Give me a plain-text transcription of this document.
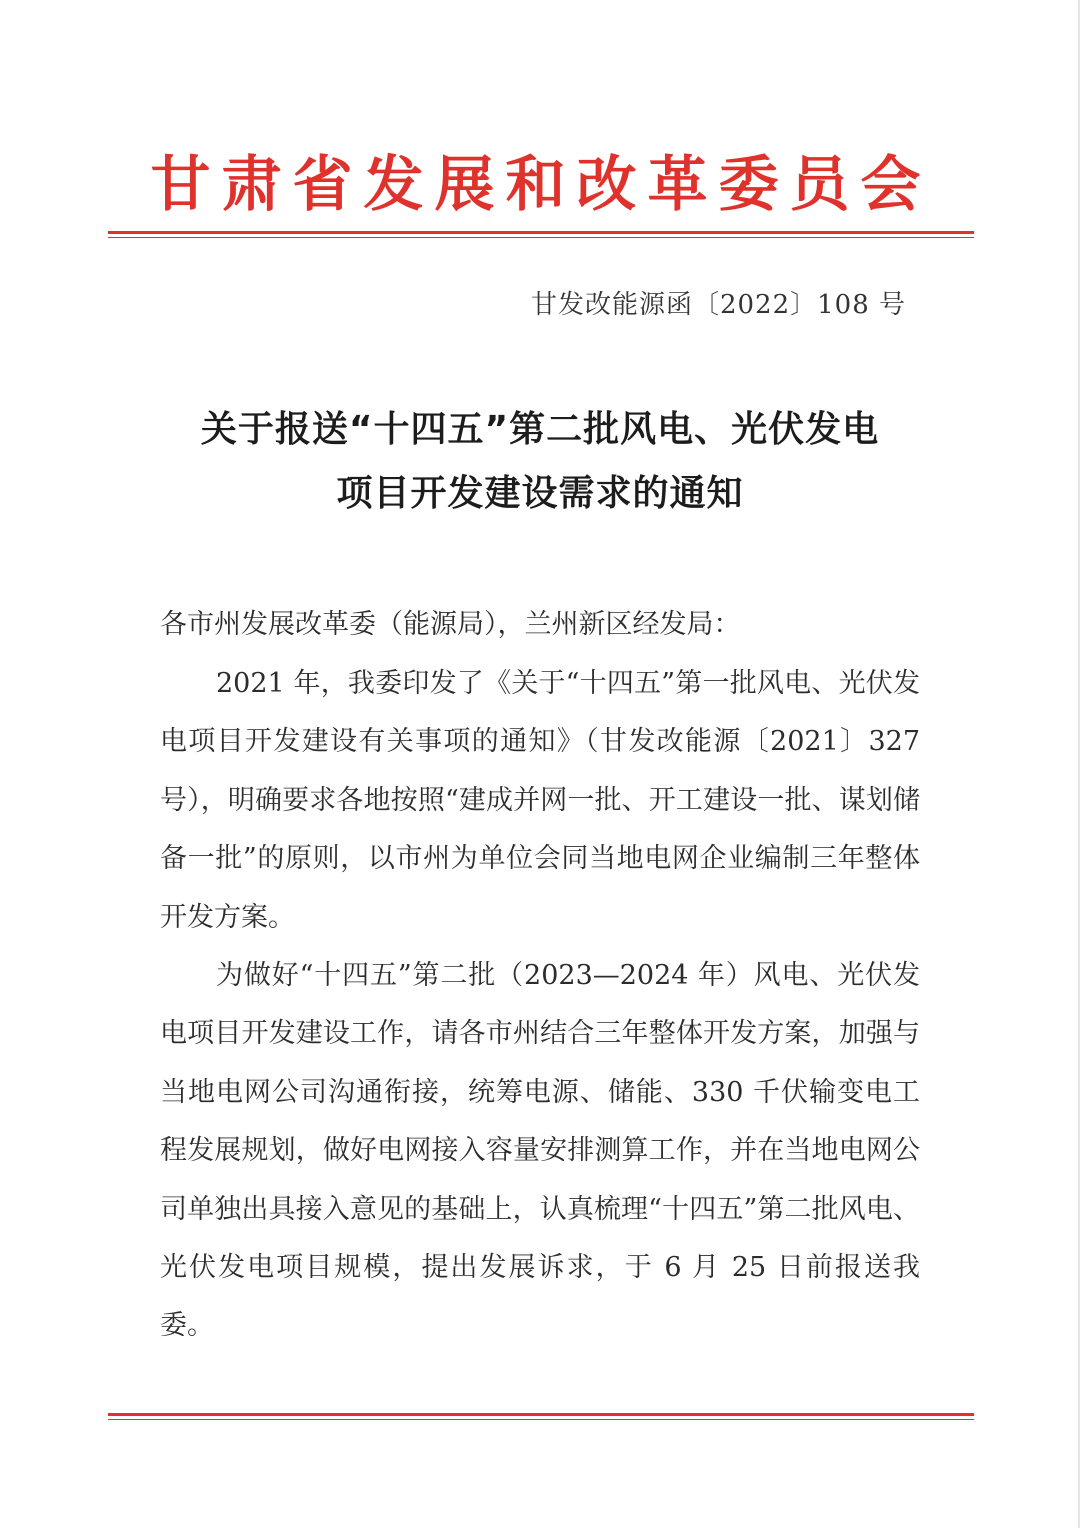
甘肃省发展和改革委员会
甘发改能源函〔2022〕108 号
关于报送“十四五”第二批风电、光伏发电
项目开发建设需求的通知
各市州发展改革委（能源局），兰州新区经发局：
2021 年，我委印发了《关于“十四五”第一批风电、光伏发电项目开发建设有关事项的通知》（甘发改能源〔2021〕327 号），明确要求各地按照“建成并网一批、开工建设一批、谋划储备一批”的原则，以市州为单位会同当地电网企业编制三年整体开发方案。
为做好“十四五”第二批（2023—2024 年）风电、光伏发电项目开发建设工作，请各市州结合三年整体开发方案，加强与当地电网公司沟通衔接，统筹电源、储能、330 千伏输变电工程发展规划，做好电网接入容量安排测算工作，并在当地电网公司单独出具接入意见的基础上，认真梳理“十四五”第二批风电、光伏发电项目规模，提出发展诉求，于 6 月 25 日前报送我委。
